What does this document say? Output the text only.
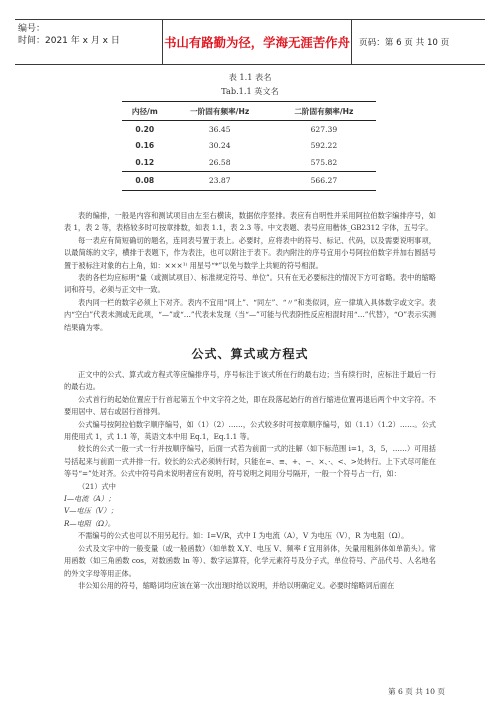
编号：
时间：2021 年 x 月 x 日	书山有路勤为径，学海无涯苦作舟 页码：第 6 页 共 10 页
表 1.1 表名
Tab.1.1 英文名
内径/m	一阶固有频率/Hz	二阶固有频率/Hz
0.20	36.45	627.39
0.16	30.24	592.22
0.12	26.58	575.82
0.08	23.87	566.27

表的编排，一般是内容和测试项目由左至右横读，数据依序竖排。表应有自明性并采用阿拉伯数字编排序号，如表 1，表 2 等，表格较多时可按章排数，如表 1.1，表 2.3 等。中文表题、表号应用楷体_GB2312 字体，五号字。

每一表应有简短确切的题名，连同表号置于表上。必要时，应将表中的符号、标记、代码，以及需要说明事项，以最简练的文字，横排于表题下，作为表注，也可以附注于表下。表内附注的序号宜用小号阿拉伯数字并加右圆括号置于被标注对象的右上角，如：×××¹⁾ 用星号“*”以免与数学上共轭的符号相混。

表的各栏均应标明“量（或测试项目）、标准规定符号、单位”。只有在无必要标注的情况下方可省略。表中的缩略词和符号，必须与正文中一致。

表内同一栏的数字必须上下对齐。表内不宜用“同上”、“同左”、“〃”和类似词，应一律填入具体数字或文字。表内“空白”代表未测或无此项，“—”或“…”代表未发现（当“—”可能与代表阴性反应相混时用“…”代替），“O”表示实测结果确为零。

公式、算式或方程式

正文中的公式、算式或方程式等应编排序号，序号标注于该式所在行的最右边；当有续行时，应标注于最后一行的最右边。

公式首行的起始位置应于行首起第五个中文字符之处，即在段落起始行的首行缩进位置再退后两个中文字符。不要用居中、居右或居行首排列。

公式编号按阿拉伯数字顺序编号，如（1）（2）……，公式较多时可按章顺序编号，如（1.1）（1.2）……。公式用使用式 1，式 1.1 等，英语文本中用 Eq.1，Eq.1.1 等。

较长的公式一般一式一行并按顺序编号，后面一式若为前面一式的注解（如下标范围 i=1，3，5，……）可用括号括起来与前面一式并排一行。较长的公式必须转行时，只能在=、≡、+、−、×、·、<、>处转行。上下式尽可能在等号“=”处对齐。公式中符号尚未说明者应有说明，符号说明之间用分号隔开，一般一个符号占一行，如：

（21）式中
I—电流（A）；
V—电压（V）；
R—电阻（Ω）。

不需编号的公式也可以不用另起行。如：I=V/R，式中 I 为电流（A），V 为电压（V），R 为电阻（Ω）。

公式及文字中的一般变量（或一般函数）（如单数 X,Y、电压 V、频率 f 宜用斜体，矢量用粗斜体如单箭头）。常用函数（如三角函数 cos，对数函数 ln 等）、数字运算符，化学元素符号及分子式，单位符号、产品代号、人名地名的外文字母等用正体。

非公知公用的符号，缩略词均应该在第一次出现时给以说明，并给以明确定义。必要时缩略词后面在

第 6 页 共 10 页
